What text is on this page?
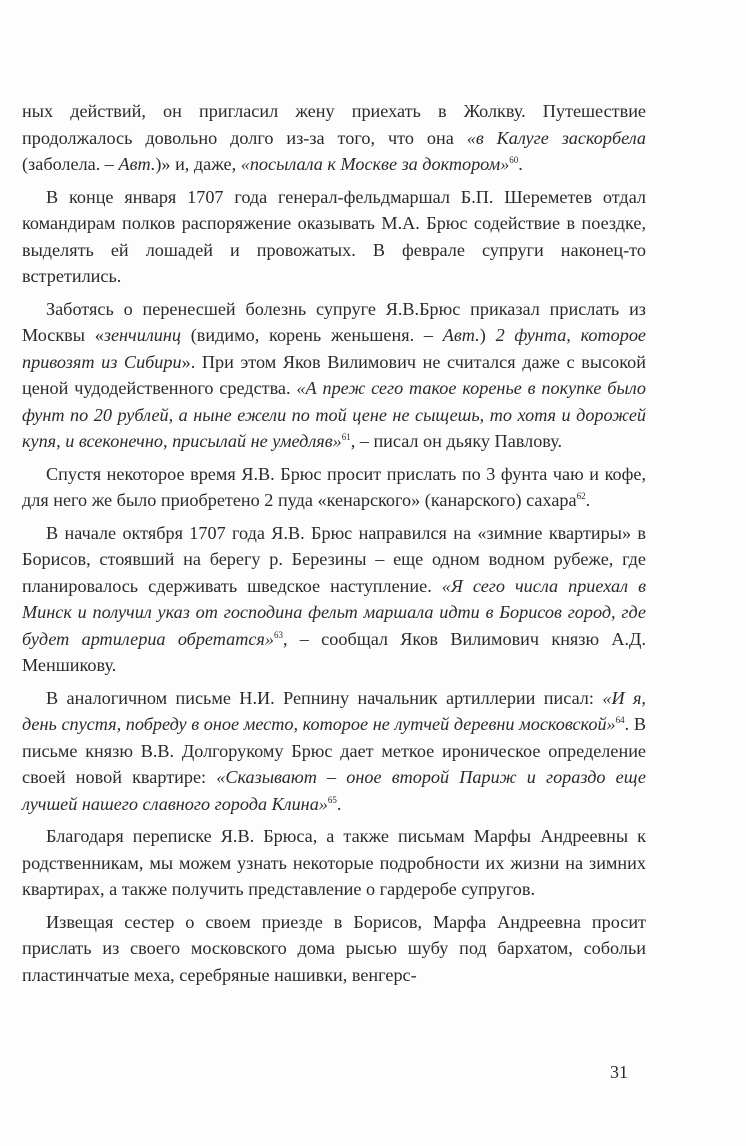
ных действий, он пригласил жену приехать в Жолкву. Путешествие продолжалось довольно долго из-за того, что она «в Калуге заскорбела (заболела. – Авт.)» и, даже, «посылала к Москве за доктором»$^{60}$.

В конце января 1707 года генерал-фельдмаршал Б.П. Шереметев отдал командирам полков распоряжение оказывать М.А. Брюс содействие в поездке, выделять ей лошадей и провожатых. В феврале супруги наконец-то встретились.

Заботясь о перенесшей болезнь супруге Я.В.Брюс приказал прислать из Москвы «зенчилинц (видимо, корень женьшеня. – Авт.) 2 фунта, которое привозят из Сибири». При этом Яков Вилимович не считался даже с высокой ценой чудодейственного средства. «А преж сего такое коренье в покупке было фунт по 20 рублей, а ныне ежели по той цене не сыщешь, то хотя и дорожей купя, и всеконечно, присылай не умедляв»$^{61}$, – писал он дьяку Павлову.

Спустя некоторое время Я.В. Брюс просит прислать по 3 фунта чаю и кофе, для него же было приобретено 2 пуда «кенарского» (канарского) сахара$^{62}$.

В начале октября 1707 года Я.В. Брюс направился на «зимние квартиры» в Борисов, стоявший на берегу р. Березины – еще одном водном рубеже, где планировалось сдерживать шведское наступление. «Я сего числа приехал в Минск и получил указ от господина фельт маршала идти в Борисов город, где будет артилериа обретатся»$^{63}$, – сообщал Яков Вилимович князю А.Д. Меншикову.

В аналогичном письме Н.И. Репнину начальник артиллерии писал: «И я, день спустя, побреду в оное место, которое не лутчей деревни московской»$^{64}$. В письме князю В.В. Долгорукому Брюс дает меткое ироническое определение своей новой квартире: «Сказывают – оное второй Париж и гораздо еще лучшей нашего славного города Клина»$^{65}$.

Благодаря переписке Я.В. Брюса, а также письмам Марфы Андреевны к родственникам, мы можем узнать некоторые подробности их жизни на зимних квартирах, а также получить представление о гардеробе супругов.

Извещая сестер о своем приезде в Борисов, Марфа Андреевна просит прислать из своего московского дома рысью шубу под бархатом, собольи пластинчатые меха, серебряные нашивки, венгерс-

31
